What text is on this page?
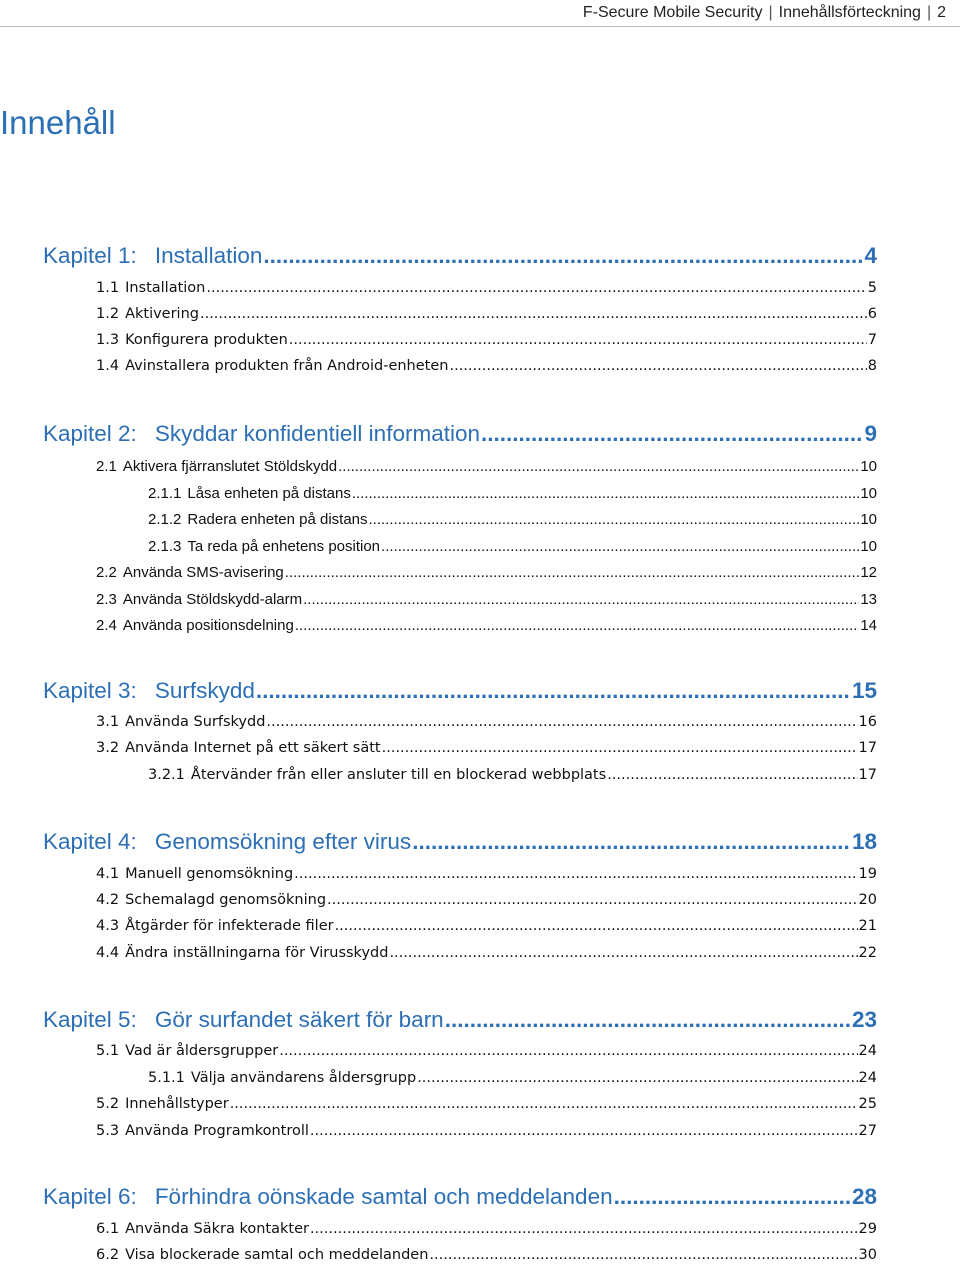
F-Secure Mobile Security | Innehållsförteckning | 2
Innehåll
Kapitel 1: Installation .....	4
1.1 Installation .....	5
1.2 Aktivering .....	6
1.3 Konfigurera produkten .....	7
1.4 Avinstallera produkten från Android-enheten .....	8
Kapitel 2: Skyddar konfidentiell information .....	9
2.1 Aktivera fjärranslutet Stöldskydd .....	10
2.1.1 Låsa enheten på distans .....	10
2.1.2 Radera enheten på distans .....	10
2.1.3 Ta reda på enhetens position .....	10
2.2 Använda SMS-avisering .....	12
2.3 Använda Stöldskydd-alarm .....	13
2.4 Använda positionsdelning .....	14
Kapitel 3: Surfskydd .....	15
3.1 Använda Surfskydd .....	16
3.2 Använda Internet på ett säkert sätt .....	17
3.2.1 Återvänder från eller ansluter till en blockerad webbplats .....	17
Kapitel 4: Genomsökning efter virus .....	18
4.1 Manuell genomsökning .....	19
4.2 Schemalagd genomsökning .....	20
4.3 Åtgärder för infekterade filer .....	21
4.4 Ändra inställningarna för Virusskydd .....	22
Kapitel 5: Gör surfandet säkert för barn .....	23
5.1 Vad är åldersgrupper .....	24
5.1.1 Välja användarens åldersgrupp .....	24
5.2 Innehållstyper .....	25
5.3 Använda Programkontroll .....	27
Kapitel 6: Förhindra oönskade samtal och meddelanden .....	28
6.1 Använda Säkra kontakter .....	29
6.2 Visa blockerade samtal och meddelanden .....	30
